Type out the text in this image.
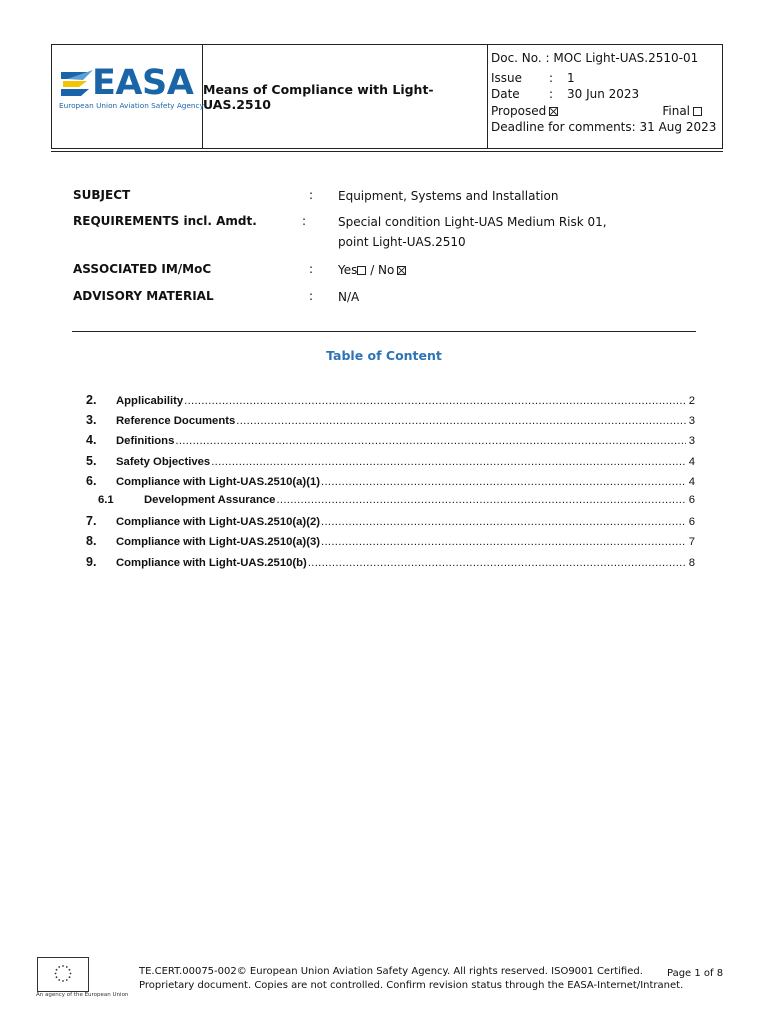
EASA
European Union Aviation Safety Agency
Means of Compliance with Light-UAS.2510
Doc. No. :
MOC Light-UAS.2510-01
Issue	:	1
Date	:	30 Jun 2023
Proposed	Final
Deadline for comments: 31 Aug 2023
SUBJECT	:	Equipment, Systems and Installation
REQUIREMENTS incl. Amdt.	:	Special condition Light-UAS Medium Risk 01,
point Light-UAS.2510
ASSOCIATED IM/MoC	:	Yes / No
ADVISORY MATERIAL	:	N/A
Table of Content
2.	Applicability .....	2
3.	Reference Documents .....	3
4.	Definitions .....	3
5.	Safety Objectives .....	4
6.	Compliance with Light-UAS.2510(a)(1) .....	4
6.1	Development Assurance .....	6
7.	Compliance with Light-UAS.2510(a)(2) .....	6
8.	Compliance with Light-UAS.2510(a)(3) .....	7
9.	Compliance with Light-UAS.2510(b) .....	8
An agency of the European Union
TE.CERT.00075-002© European Union Aviation Safety Agency. All rights reserved. ISO9001 Certified.
Proprietary document. Copies are not controlled. Confirm revision status through the EASA-Internet/Intranet.
Page 1 of 8
